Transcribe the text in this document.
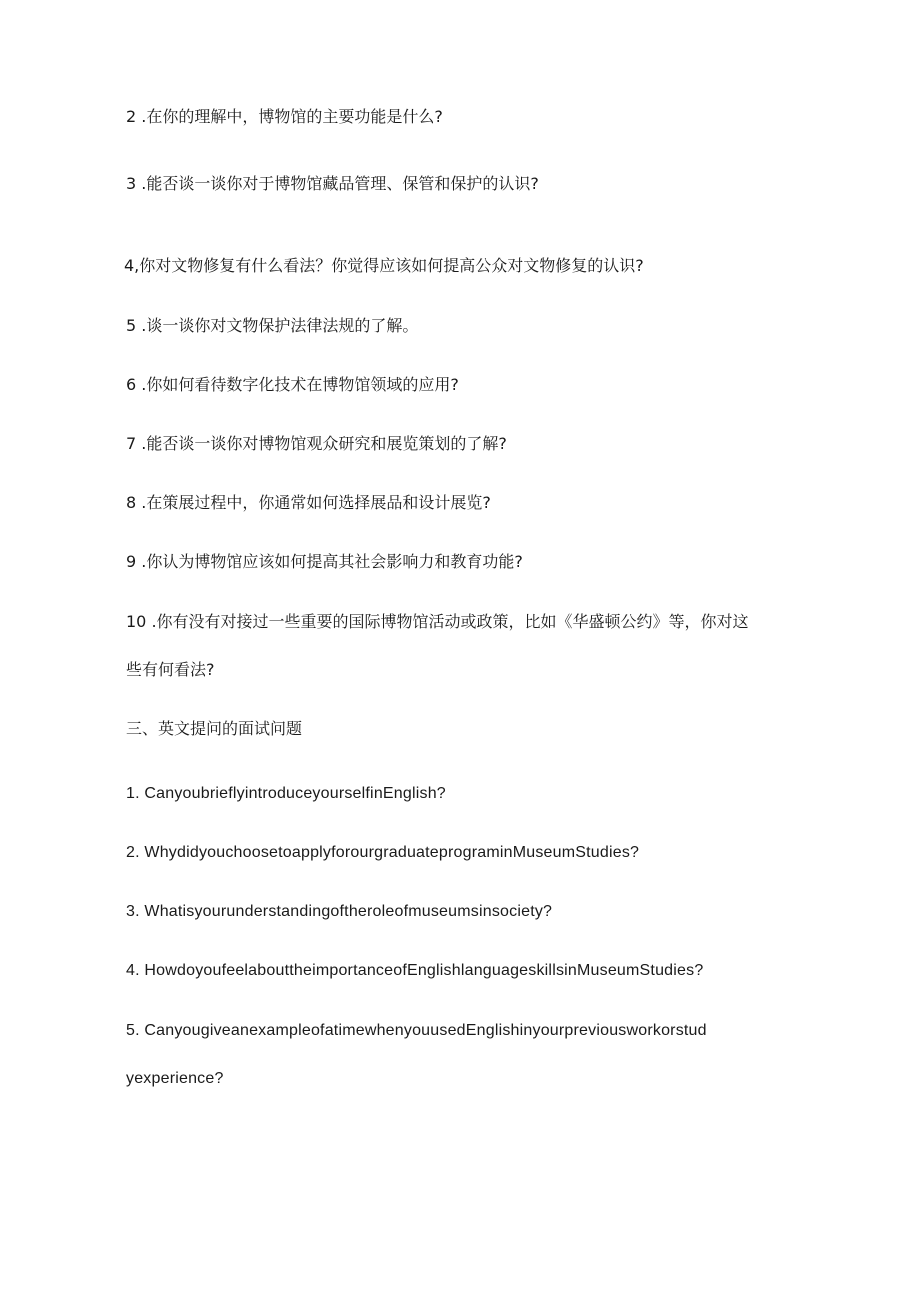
2 .在你的理解中，博物馆的主要功能是什么?
3 .能否谈一谈你对于博物馆藏品管理、保管和保护的认识?
4,你对文物修复有什么看法？你觉得应该如何提高公众对文物修复的认识?
5 .谈一谈你对文物保护法律法规的了解。
6 .你如何看待数字化技术在博物馆领域的应用?
7 .能否谈一谈你对博物馆观众研究和展览策划的了解?
8 .在策展过程中，你通常如何选择展品和设计展览?
9 .你认为博物馆应该如何提高其社会影响力和教育功能?
10 .你有没有对接过一些重要的国际博物馆活动或政策，比如《华盛顿公约》等，你对这
些有何看法?
三、英文提问的面试问题
1. CanyoubrieflyintroduceyourselfinEnglish?
2. WhydidyouchoosetoapplyforourgraduateprograminMuseumStudies?
3. Whatisyourunderstandingoftheroleofmuseumsinsociety?
4. HowdoyoufeelabouttheimportanceofEnglishlanguageskillsinMuseumStudies?
5. CanyougiveanexampleofatimewhenyouusedEnglishinyourpreviousworkorstud
yexperience?
